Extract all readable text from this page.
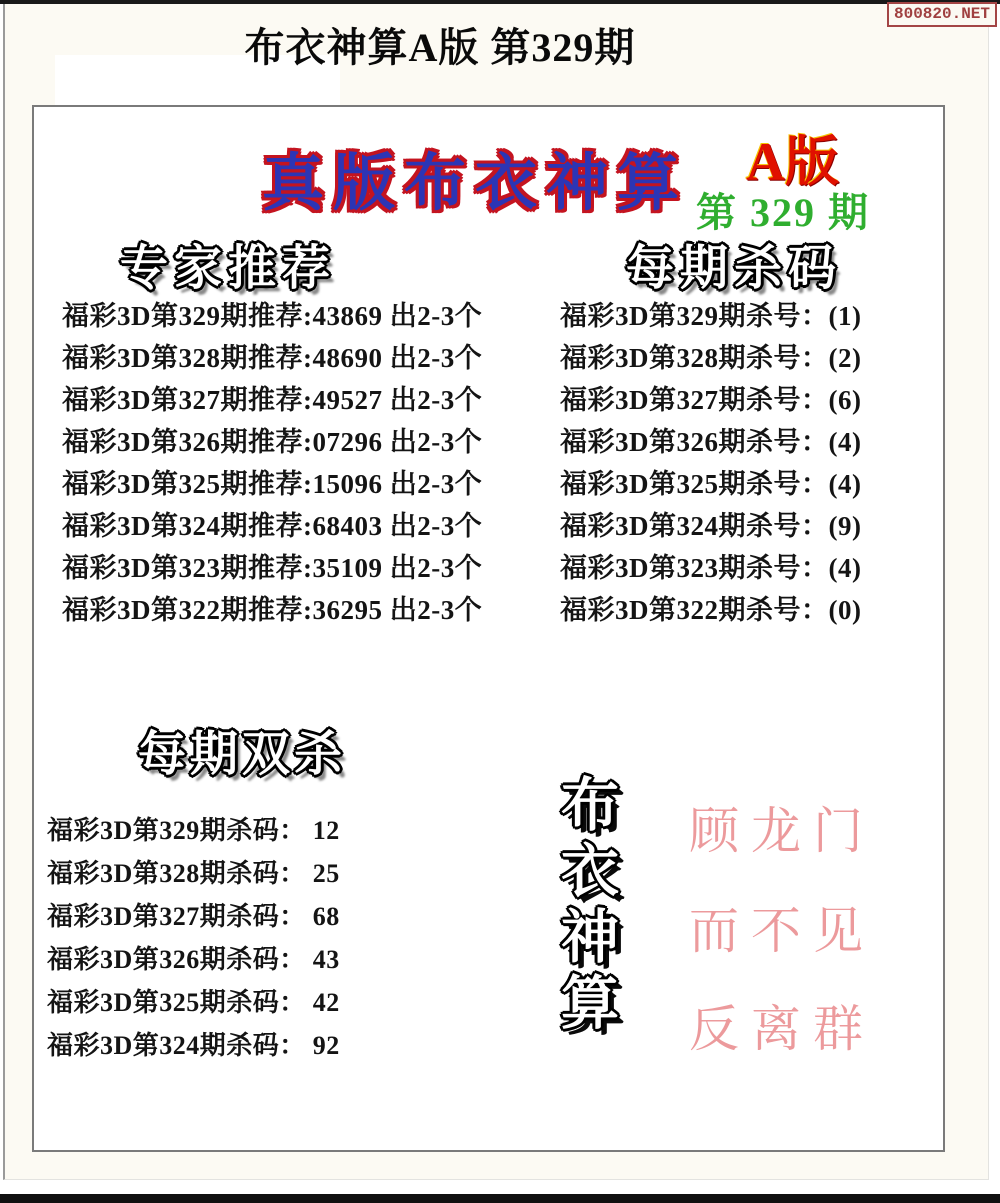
800820.NET
布衣神算A版 第329期
真版布衣神算 A版
第 329 期
专家推荐	每期杀码
福彩3D第329期推荐:43869 出2-3个
福彩3D第328期推荐:48690 出2-3个
福彩3D第327期推荐:49527 出2-3个
福彩3D第326期推荐:07296 出2-3个
福彩3D第325期推荐:15096 出2-3个
福彩3D第324期推荐:68403 出2-3个
福彩3D第323期推荐:35109 出2-3个
福彩3D第322期推荐:36295 出2-3个
福彩3D第329期杀号：(1)
福彩3D第328期杀号：(2)
福彩3D第327期杀号：(6)
福彩3D第326期杀号：(4)
福彩3D第325期杀号：(4)
福彩3D第324期杀号：(9)
福彩3D第323期杀号：(4)
福彩3D第322期杀号：(0)
每期双杀
福彩3D第329期杀码： 12
福彩3D第328期杀码： 25
福彩3D第327期杀码： 68
福彩3D第326期杀码： 43
福彩3D第325期杀码： 42
福彩3D第324期杀码： 92
布
衣
神
算
顾龙门
而不见
反离群
